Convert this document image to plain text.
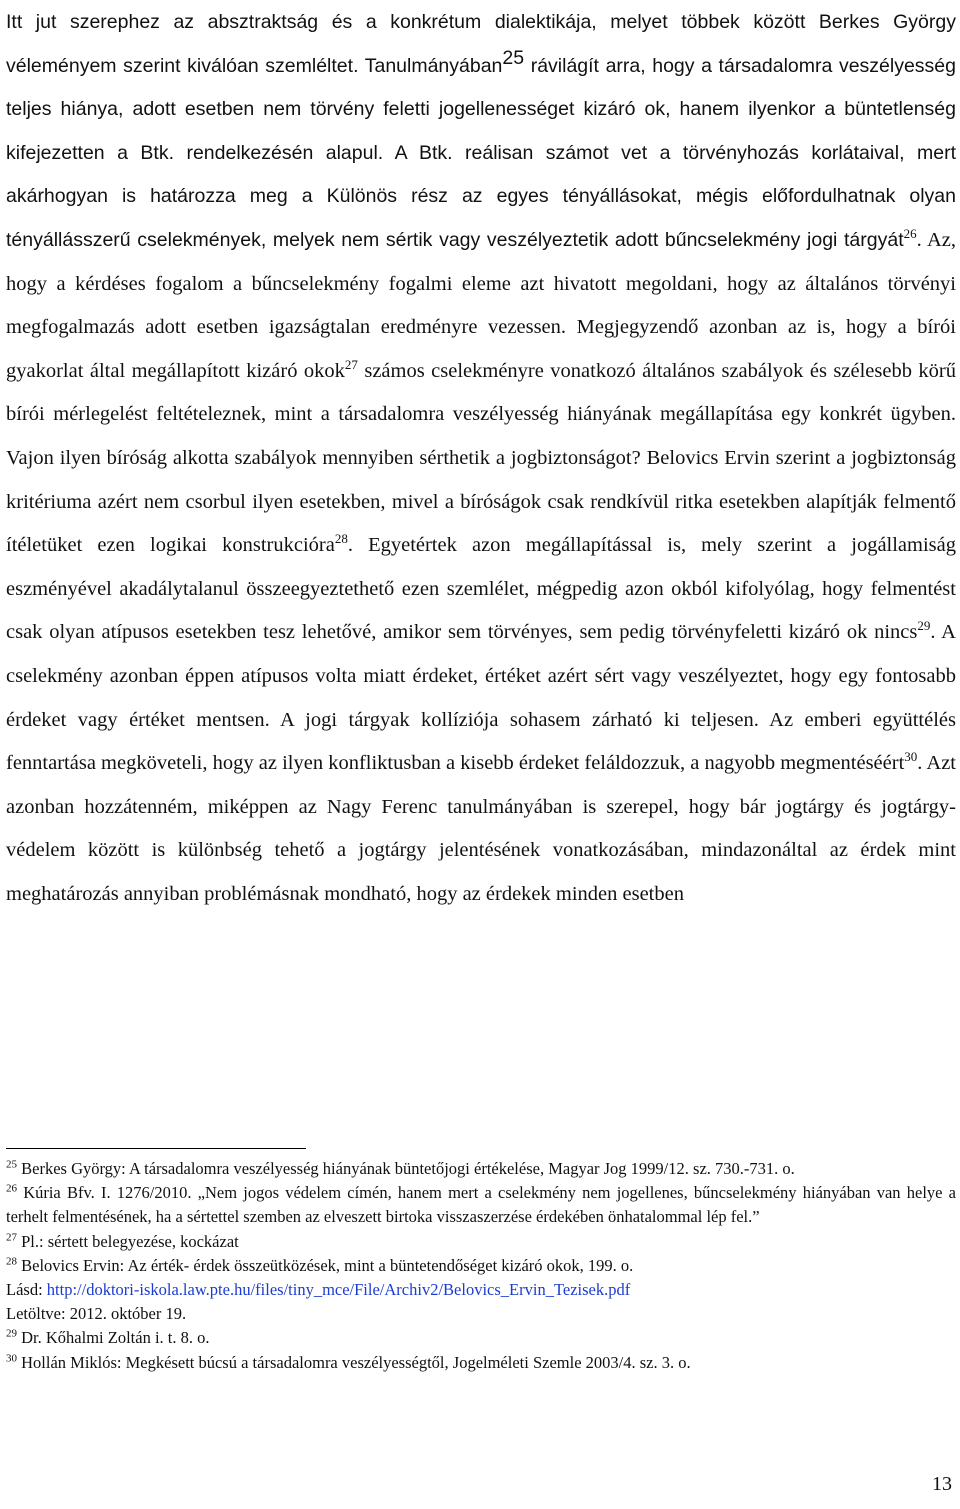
Itt jut szerephez az absztraktság és a konkrétum dialektikája, melyet többek között Berkes György véleményem szerint kiválóan szemléltet. Tanulmányában$^{25}$ rávilágít arra, hogy a társadalomra veszélyesség teljes hiánya, adott esetben nem törvény feletti jogellenességet kizáró ok, hanem ilyenkor a büntetlenség kifejezetten a Btk. rendelkezésén alapul. A Btk. reálisan számot vet a törvényhozás korlátaival, mert akárhogyan is határozza meg a Különös rész az egyes tényállásokat, mégis előfordulhatnak olyan tényállásszerű cselekmények, melyek nem sértik vagy veszélyeztetik adott bűncselekmény jogi tárgyát$^{26}$. Az, hogy a kérdéses fogalom a bűncselekmény fogalmi eleme azt hivatott megoldani, hogy az általános törvényi megfogalmazás adott esetben igazságtalan eredményre vezessen. Megjegyzendő azonban az is, hogy a bírói gyakorlat által megállapított kizáró okok$^{27}$ számos cselekményre vonatkozó általános szabályok és szélesebb körű bírói mérlegelést feltételeznek, mint a társadalomra veszélyesség hiányának megállapítása egy konkrét ügyben. Vajon ilyen bíróság alkotta szabályok mennyiben sérthetik a jogbiztonságot? Belovics Ervin szerint a jogbiztonság kritériuma azért nem csorbul ilyen esetekben, mivel a bíróságok csak rendkívül ritka esetekben alapítják felmentő ítéletüket ezen logikai konstrukcióra$^{28}$. Egyetértek azon megállapítással is, mely szerint a jogállamiság eszményével akadálytalanul összeegyeztethető ezen szemlélet, mégpedig azon okból kifolyólag, hogy felmentést csak olyan atípusos esetekben tesz lehetővé, amikor sem törvényes, sem pedig törvényfeletti kizáró ok nincs$^{29}$. A cselekmény azonban éppen atípusos volta miatt érdeket, értéket azért sért vagy veszélyeztet, hogy egy fontosabb érdeket vagy értéket mentsen. A jogi tárgyak kollíziója sohasem zárható ki teljesen. Az emberi együttélés fenntartása megköveteli, hogy az ilyen konfliktusban a kisebb érdeket feláldozzuk, a nagyobb megmentéséért$^{30}$. Azt azonban hozzátenném, miképpen az Nagy Ferenc tanulmányában is szerepel, hogy bár jogtárgy és jogtárgy- védelem között is különbség tehető a jogtárgy jelentésének vonatkozásában, mindazonáltal az érdek mint meghatározás annyiban problémásnak mondható, hogy az érdekek minden esetben

$^{25}$ Berkes György: A társadalomra veszélyesség hiányának büntetőjogi értékelése, Magyar Jog 1999/12. sz. 730.-731. o.

$^{26}$ Kúria Bfv. I. 1276/2010. „Nem jogos védelem címén, hanem mert a cselekmény nem jogellenes, bűncselekmény hiányában van helye a terhelt felmentésének, ha a sértettel szemben az elveszett birtoka visszaszerzése érdekében önhatalommal lép fel.”

$^{27}$ Pl.: sértett belegyezése, kockázat

$^{28}$ Belovics Ervin: Az érték- érdek összeütközések, mint a büntetendőséget kizáró okok, 199. o.

Lásd: http://doktori-iskola.law.pte.hu/files/tiny_mce/File/Archiv2/Belovics_Ervin_Tezisek.pdf

Letöltve: 2012. október 19.

$^{29}$ Dr. Kőhalmi Zoltán i. t. 8. o.

$^{30}$ Hollán Miklós: Megkésett búcsú a társadalomra veszélyességtől, Jogelméleti Szemle 2003/4. sz. 3. o.

13
